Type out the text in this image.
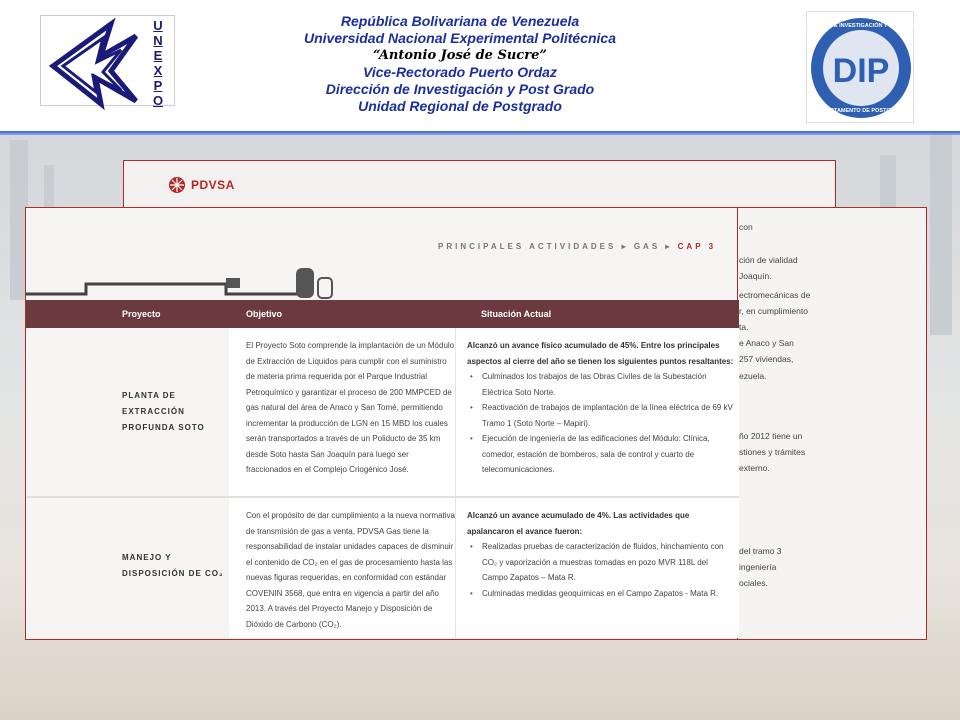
U
N
E
X
P
O
República Bolivariana de Venezuela
Universidad Nacional Experimental Politécnica
“Antonio José de Sucre”
Vice-Rectorado Puerto Ordaz
Dirección de Investigación y Post Grado
Unidad Regional de Postgrado
DIP
DIRECCIÓN DE INVESTIGACIÓN Y POSTGRADO
DEPARTAMENTO DE POSTGRADO
PDVSA

con

ción de vialidad

Joaquín.

ectromecánicas de

r, en cumplimiento

ta.

e Anaco y San

257 viviendas,

ezuela.

ño 2012 tiene un

stiones y trámites

externo.

del tramo 3

ingeniería

ociales.

PRINCIPALES ACTIVIDADES ▸ GAS ▸ CAP 3
Proyecto	Objetivo	Situación Actual
PLANTA DE
EXTRACCIÓN
PROFUNDA SOTO

El Proyecto Soto comprende la implantación de un Módulo de Extracción de Líquidos para cumplir con el suministro de materia prima requerida por el Parque Industrial Petroquímico y garantizar el proceso de 200 MMPCED de gas natural del área de Anaco y San Tomé, permitiendo incrementar la producción de LGN en 15 MBD los cuales serán transportados a través de un Poliducto de 35 km desde Soto hasta San Joaquín para luego ser fraccionados en el Complejo Criogénico José.

Alcanzó un avance físico acumulado de 45%. Entre los principales aspectos al cierre del año se tienen los siguientes puntos resaltantes:
• Culminados los trabajos de las Obras Civiles de la Subestación Eléctrica Soto Norte.
• Reactivación de trabajos de implantación de la línea eléctrica de 69 kV Tramo 1 (Soto Norte – Mapiri).
• Ejecución de ingeniería de las edificaciones del Módulo: Clínica, comedor, estación de bomberos, sala de control y cuarto de telecomunicaciones.
MANEJO Y
DISPOSICIÓN DE CO₂

Con el propósito de dar cumplimiento a la nueva normativa de transmisión de gas a venta, PDVSA Gas tiene la responsabilidad de instalar unidades capaces de disminuir el contenido de CO₂ en el gas de procesamiento hasta las nuevas figuras requeridas, en conformidad con estándar COVENIN 3568, que entra en vigencia a partir del año 2013. A través del Proyecto Manejo y Disposición de Dióxido de Carbono (CO₂).

Alcanzó un avance acumulado de 4%. Las actividades que apalancaron el avance fueron:
• Realizadas pruebas de caracterización de fluidos, hinchamiento con CO₂ y vaporización a muestras tomadas en pozo MVR 118L del Campo Zapatos – Mata R.
• Culminadas medidas geoquímicas en el Campo Zapatos - Mata R.
